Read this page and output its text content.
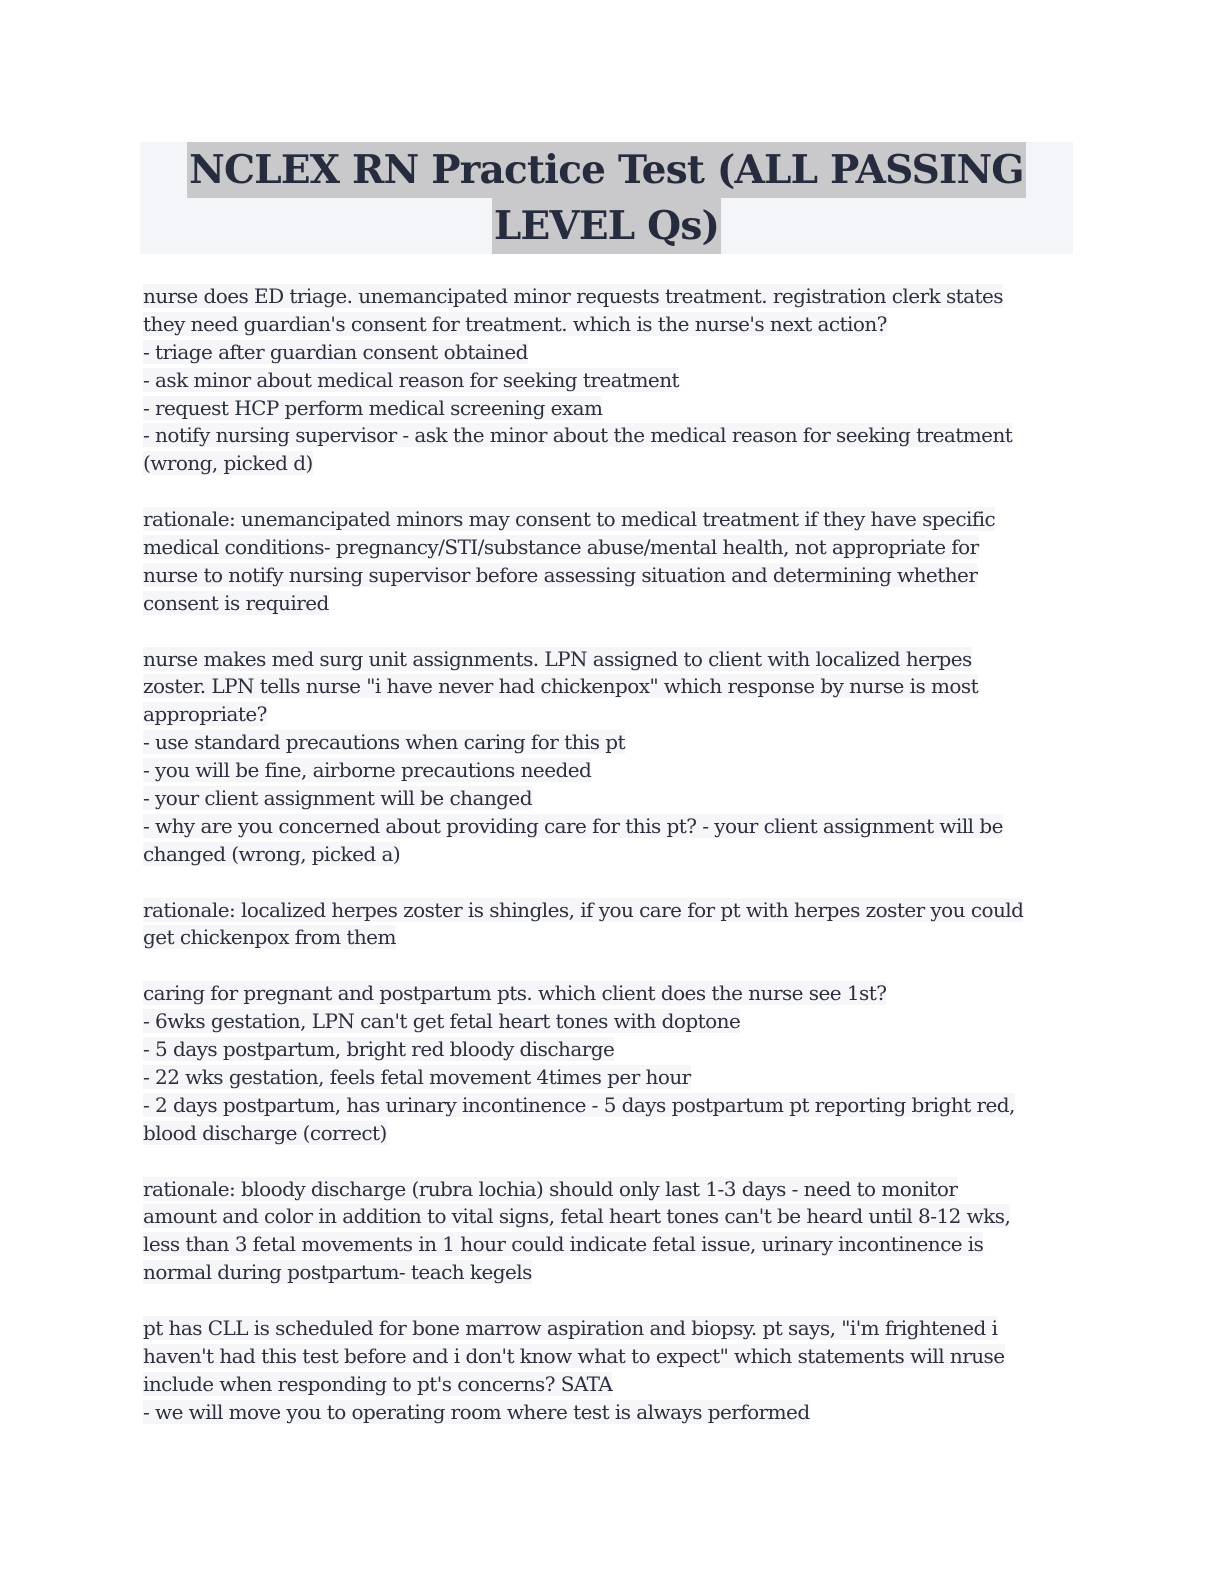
NCLEX RN Practice Test (ALL PASSING
LEVEL Qs)
nurse does ED triage. unemancipated minor requests treatment. registration clerk states
they need guardian's consent for treatment. which is the nurse's next action?
- triage after guardian consent obtained
- ask minor about medical reason for seeking treatment
- request HCP perform medical screening exam
- notify nursing supervisor - ask the minor about the medical reason for seeking treatment
(wrong, picked d)
rationale: unemancipated minors may consent to medical treatment if they have specific
medical conditions- pregnancy/STI/substance abuse/mental health, not appropriate for
nurse to notify nursing supervisor before assessing situation and determining whether
consent is required
nurse makes med surg unit assignments. LPN assigned to client with localized herpes
zoster. LPN tells nurse "i have never had chickenpox" which response by nurse is most
appropriate?
- use standard precautions when caring for this pt
- you will be fine, airborne precautions needed
- your client assignment will be changed
- why are you concerned about providing care for this pt? - your client assignment will be
changed (wrong, picked a)
rationale: localized herpes zoster is shingles, if you care for pt with herpes zoster you could
get chickenpox from them
caring for pregnant and postpartum pts. which client does the nurse see 1st?
- 6wks gestation, LPN can't get fetal heart tones with doptone
- 5 days postpartum, bright red bloody discharge
- 22 wks gestation, feels fetal movement 4times per hour
- 2 days postpartum, has urinary incontinence - 5 days postpartum pt reporting bright red,
blood discharge (correct)
rationale: bloody discharge (rubra lochia) should only last 1-3 days - need to monitor
amount and color in addition to vital signs, fetal heart tones can't be heard until 8-12 wks,
less than 3 fetal movements in 1 hour could indicate fetal issue, urinary incontinence is
normal during postpartum- teach kegels
pt has CLL is scheduled for bone marrow aspiration and biopsy. pt says, "i'm frightened i
haven't had this test before and i don't know what to expect" which statements will nruse
include when responding to pt's concerns? SATA
- we will move you to operating room where test is always performed
